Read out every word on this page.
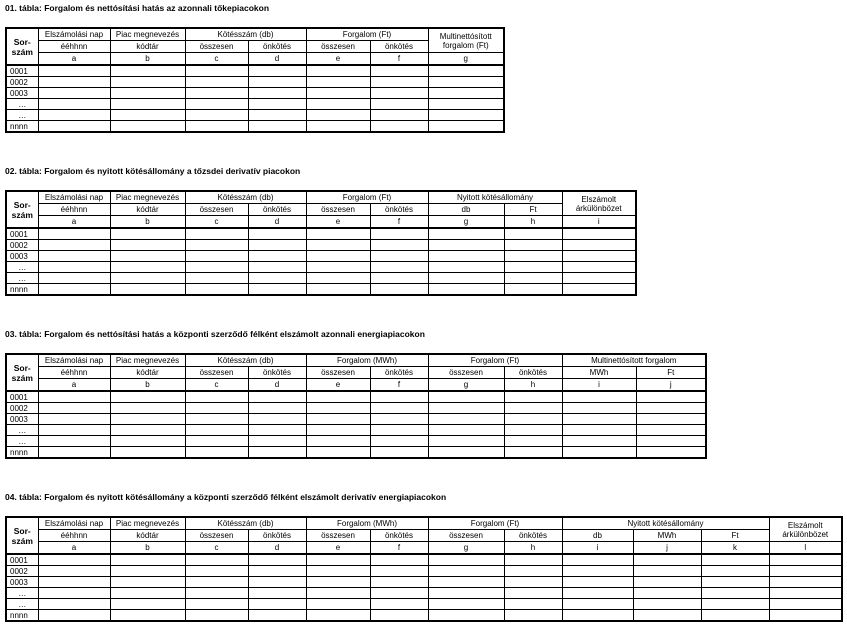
01. tábla: Forgalom és nettósítási hatás az azonnali tőkepiacokon
Sor-szám	Elszámolási nap	Piac megnevezés	Kötésszám (db)		Forgalom (Ft)		Multinettósított forgalom (Ft)
	ééhhnn	kódtár	összesen	önkötés	összesen	önkötés	
	a	b	c	d	e	f	g
0001							
0002							
0003							
…							
…							
nnnn							
02. tábla: Forgalom és nyitott kötésállomány a tőzsdei derivatív piacokon
Sor-szám	Elszámolási nap	Piac megnevezés	Kötésszám (db)		Forgalom (Ft)		Nyitott kötésállomány		Elszámolt árkülönbözet
	ééhhnn	kódtár	összesen	önkötés	összesen	önkötés	db	Ft	
	a	b	c	d	e	f	g	h	i
0001									
0002									
0003									
…									
…									
nnnn									
03. tábla: Forgalom és nettósítási hatás a központi szerződő félként elszámolt azonnali energiapiacokon
Sor-szám	Elszámolási nap	Piac megnevezés	Kötésszám (db)		Forgalom (MWh)		Forgalom (Ft)		Multinettósított forgalom	
	ééhhnn	kódtár	összesen	önkötés	összesen	önkötés	összesen	önkötés	MWh	Ft
	a	b	c	d	e	f	g	h	i	j
0001										
0002										
0003										
…										
…										
nnnn										
04. tábla: Forgalom és nyitott kötésállomány a központi szerződő félként elszámolt derivatív energiapiacokon
Sor-szám	Elszámolási nap	Piac megnevezés	Kötésszám (db)		Forgalom (MWh)		Forgalom (Ft)		Nyitott kötésállomány			Elszámolt árkülönbözet
	ééhhnn	kódtár	összesen	önkötés	összesen	önkötés	összesen	önkötés	db	MWh	Ft	
	a	b	c	d	e	f	g	h	i	j	k	l
0001												
0002												
0003												
…												
…												
nnnn												
